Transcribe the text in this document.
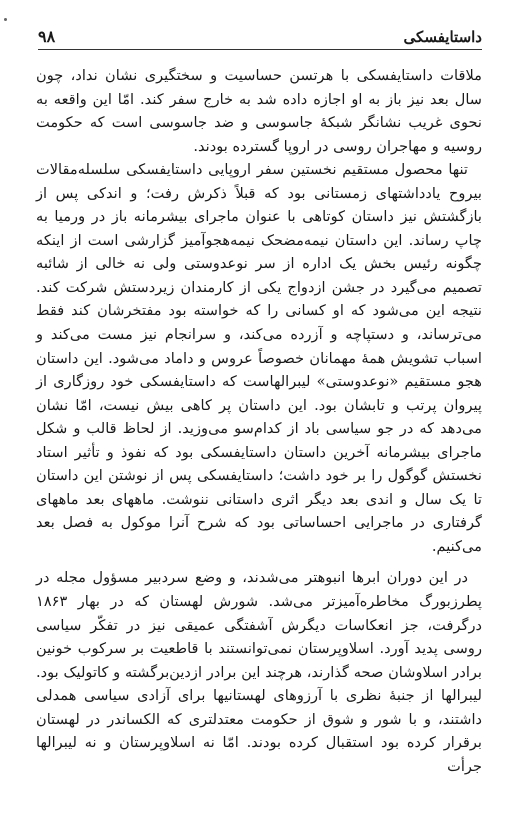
داستایفسکی
۹۸

ملاقات داستایفسکی با هرتسن حساسیت و سختگیری نشان نداد، چون سال بعد نیز باز به او اجازه داده شد به خارج سفر کند. امّا این واقعه به نحوی غریب نشانگر شبکهٔ جاسوسی و ضد جاسوسی است که حکومت روسیه و مهاجران روسی در اروپا گسترده بودند.

تنها محصول مستقیم نخستین سفر اروپایی داستایفسکی سلسله‌مقالات بیروح یادداشتهای زمستانی بود که قبلاً ذکرش رفت؛ و اندکی پس از بازگشتش نیز داستان کوتاهی با عنوان ماجرای بیشرمانه باز در ورمیا به چاپ رساند. این داستان نیمه‌مضحک نیمه‌هجوآمیز گزارشی است از اینکه چگونه رئیس بخش یک اداره از سر نوعدوستی ولی نه خالی از شائبه تصمیم می‌گیرد در جشن ازدواج یکی از کارمندان زیردستش شرکت کند. نتیجه این می‌شود که او کسانی را که خواسته بود مفتخرشان کند فقط می‌ترساند، و دستپاچه و آزرده می‌کند، و سرانجام نیز مست می‌کند و اسباب تشویش همهٔ مهمانان خصوصاً عروس و داماد می‌شود. این داستان هجو مستقیم «نوعدوستی» لیبرالهاست که داستایفسکی خود روزگاری از پیروان پرتب و تابشان بود. این داستان پر کاهی بیش نیست، امّا نشان می‌دهد که در جو سیاسی باد از کدام‌سو می‌وزید. از لحاظ قالب و شکل ماجرای بیشرمانه آخرین داستان داستایفسکی بود که نفوذ و تأثیر استاد نخستش گوگول را بر خود داشت؛ داستایفسکی پس از نوشتن این داستان تا یک سال و اندی بعد دیگر اثری داستانی ننوشت. ماههای بعد ماههای گرفتاری در ماجرایی احساساتی بود که شرح آنرا موکول به فصل بعد می‌کنیم.

در این دوران ابرها انبوهتر می‌شدند، و وضع سردبیر مسؤول مجله در پطرزبورگ مخاطره‌آمیزتر می‌شد. شورش لهستان که در بهار ۱۸۶۳ درگرفت، جز انعکاسات دیگرش آشفتگی عمیقی نیز در تفکّر سیاسی روسی پدید آورد. اسلاوپرستان نمی‌توانستند با قاطعیت بر سرکوب خونین برادر اسلاوشان صحه گذارند، هرچند این برادر ازدین‌برگشته و کاتولیک بود. لیبرالها از جنبهٔ نظری با آرزوهای لهستانیها برای آزادی سیاسی همدلی داشتند، و با شور و شوق از حکومت معتدلتری که الکساندر در لهستان برقرار کرده بود استقبال کرده بودند. امّا نه اسلاوپرستان و نه لیبرالها جرأت
